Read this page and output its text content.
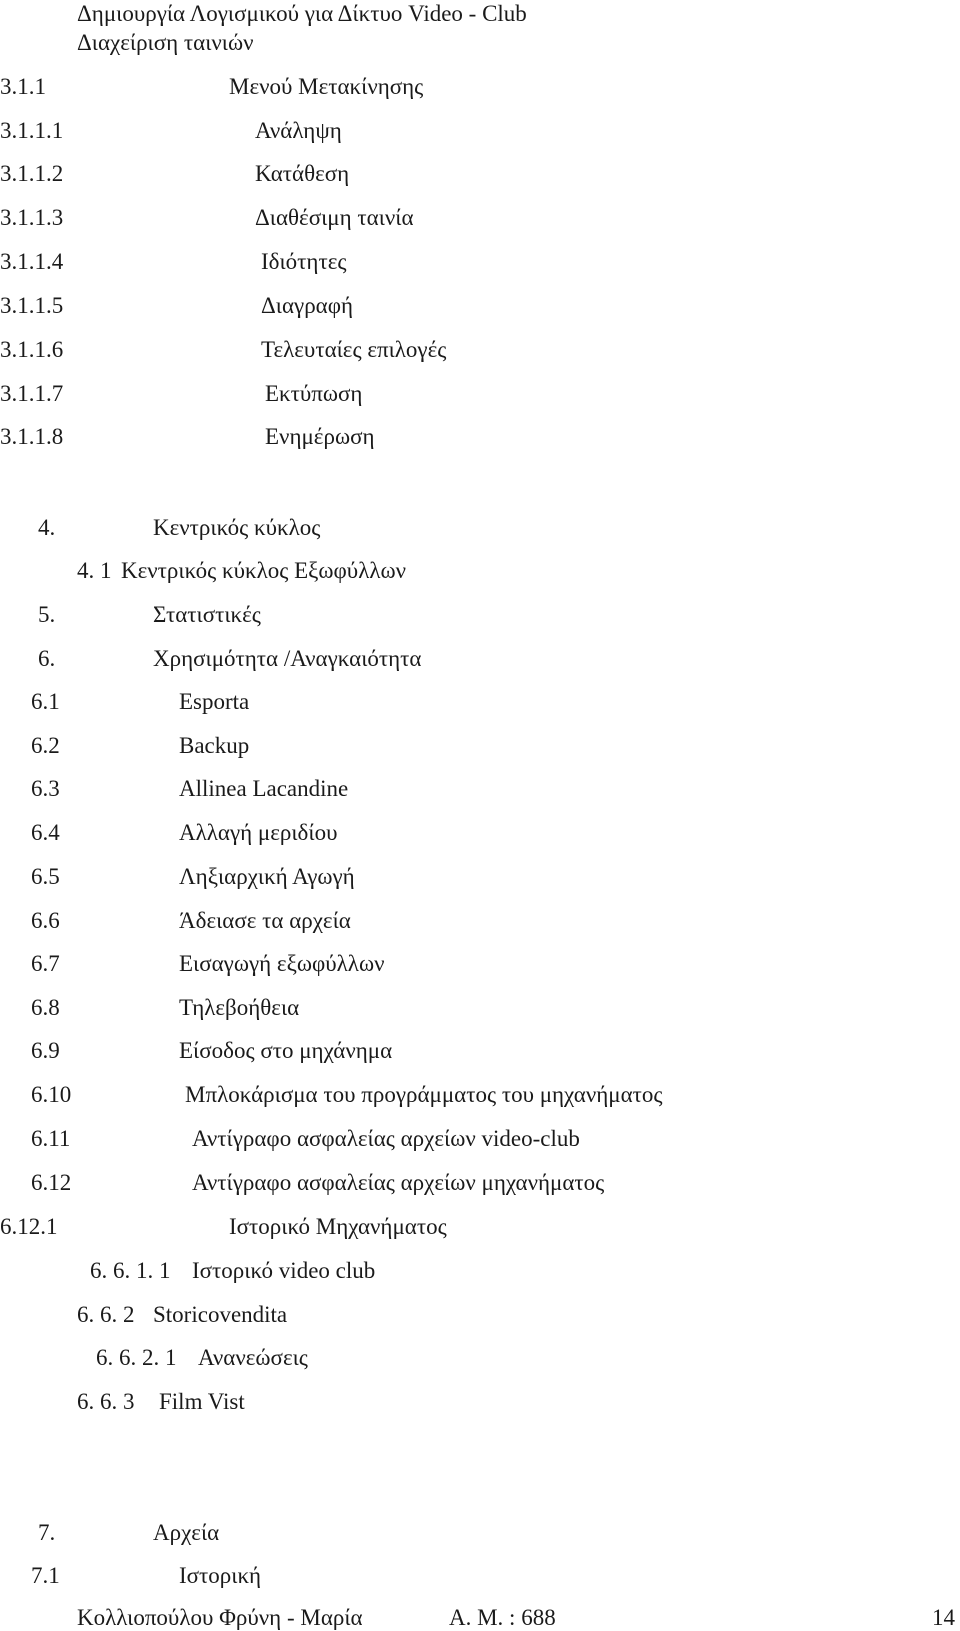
Δημιουργία Λογισμικού για Δίκτυο Video - Club
Διαχείριση ταινιών
3.1.1	Μενού Μετακίνησης
3.1.1.1	Ανάληψη
3.1.1.2	Κατάθεση
3.1.1.3	Διαθέσιμη ταινία
3.1.1.4	Ιδιότητες
3.1.1.5	Διαγραφή
3.1.1.6	Τελευταίες επιλογές
3.1.1.7	Εκτύπωση
3.1.1.8	Ενημέρωση
4.	Κεντρικός κύκλος
4. 1 Κεντρικός κύκλος Εξωφύλλων
5.	Στατιστικές
6.	Χρησιμότητα /Αναγκαιότητα
6.1	Esporta
6.2	Backup
6.3	Allinea Lacandine
6.4	Αλλαγή μεριδίου
6.5	Ληξιαρχική Αγωγή
6.6	Άδειασε τα αρχεία
6.7	Εισαγωγή εξωφύλλων
6.8	Τηλεβοήθεια
6.9	Είσοδος στο μηχάνημα
6.10	Μπλοκάρισμα του προγράμματος του μηχανήματος
6.11	Αντίγραφο ασφαλείας αρχείων video-club
6.12	Αντίγραφο ασφαλείας αρχείων μηχανήματος
6.12.1	Ιστορικό Μηχανήματος
6. 6. 1. 1 Ιστορικό video club
6. 6. 2 Storicovendita
6. 6. 2. 1 Ανανεώσεις
6. 6. 3 Film Vist
7.	Αρχεία
7.1	Ιστορική
Κολλιοπούλου Φρύνη - Μαρία	Α. Μ. : 688	14
